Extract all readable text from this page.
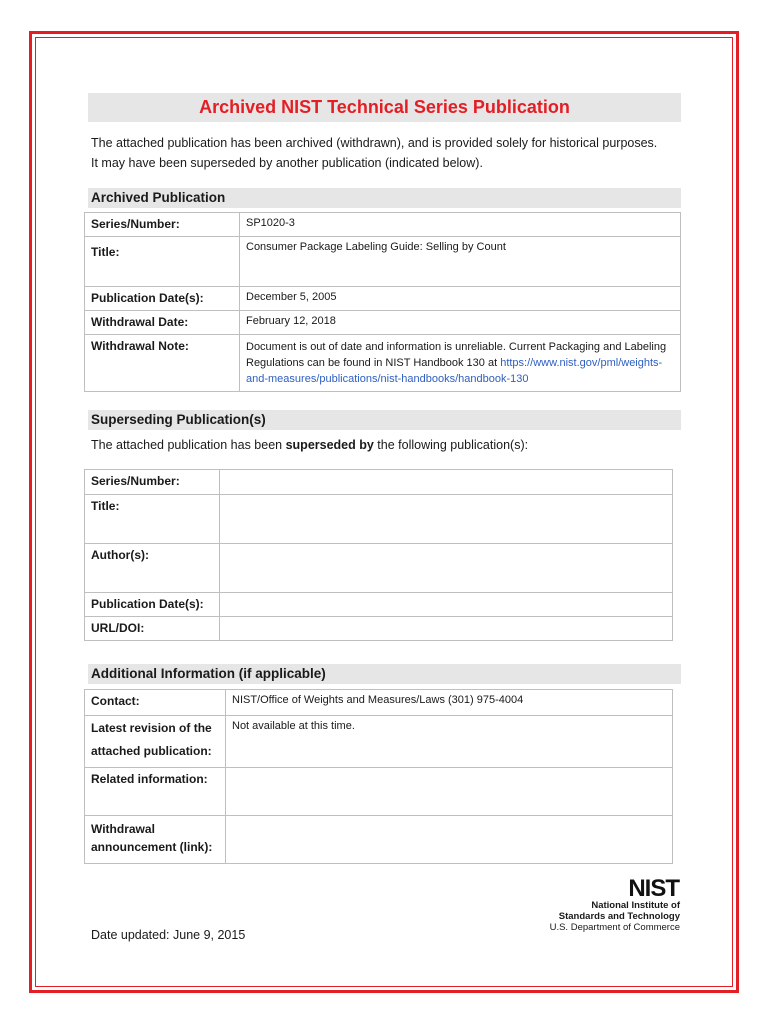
Archived NIST Technical Series Publication
The attached publication has been archived (withdrawn), and is provided solely for historical purposes.
It may have been superseded by another publication (indicated below).
Archived Publication
Series/Number:	SP1020-3
Title:	Consumer Package Labeling Guide: Selling by Count
Publication Date(s):	December 5, 2005
Withdrawal Date:	February 12, 2018
Withdrawal Note:	Document is out of date and information is unreliable. Current Packaging and Labeling Regulations can be found in NIST Handbook 130 at https://www.nist.gov/pml/weights-and-measures/publications/nist-handbooks/handbook-130
Superseding Publication(s)
The attached publication has been superseded by the following publication(s):
Series/Number:	
Title:	
Author(s):	
Publication Date(s):	
URL/DOI:	
Additional Information (if applicable)
Contact:	NIST/Office of Weights and Measures/Laws (301) 975-4004
Latest revision of the attached publication:	Not available at this time.
Related information:	
Withdrawal announcement (link):	
Date updated: June 9, 2015
NIST
National Institute of
Standards and Technology
U.S. Department of Commerce
